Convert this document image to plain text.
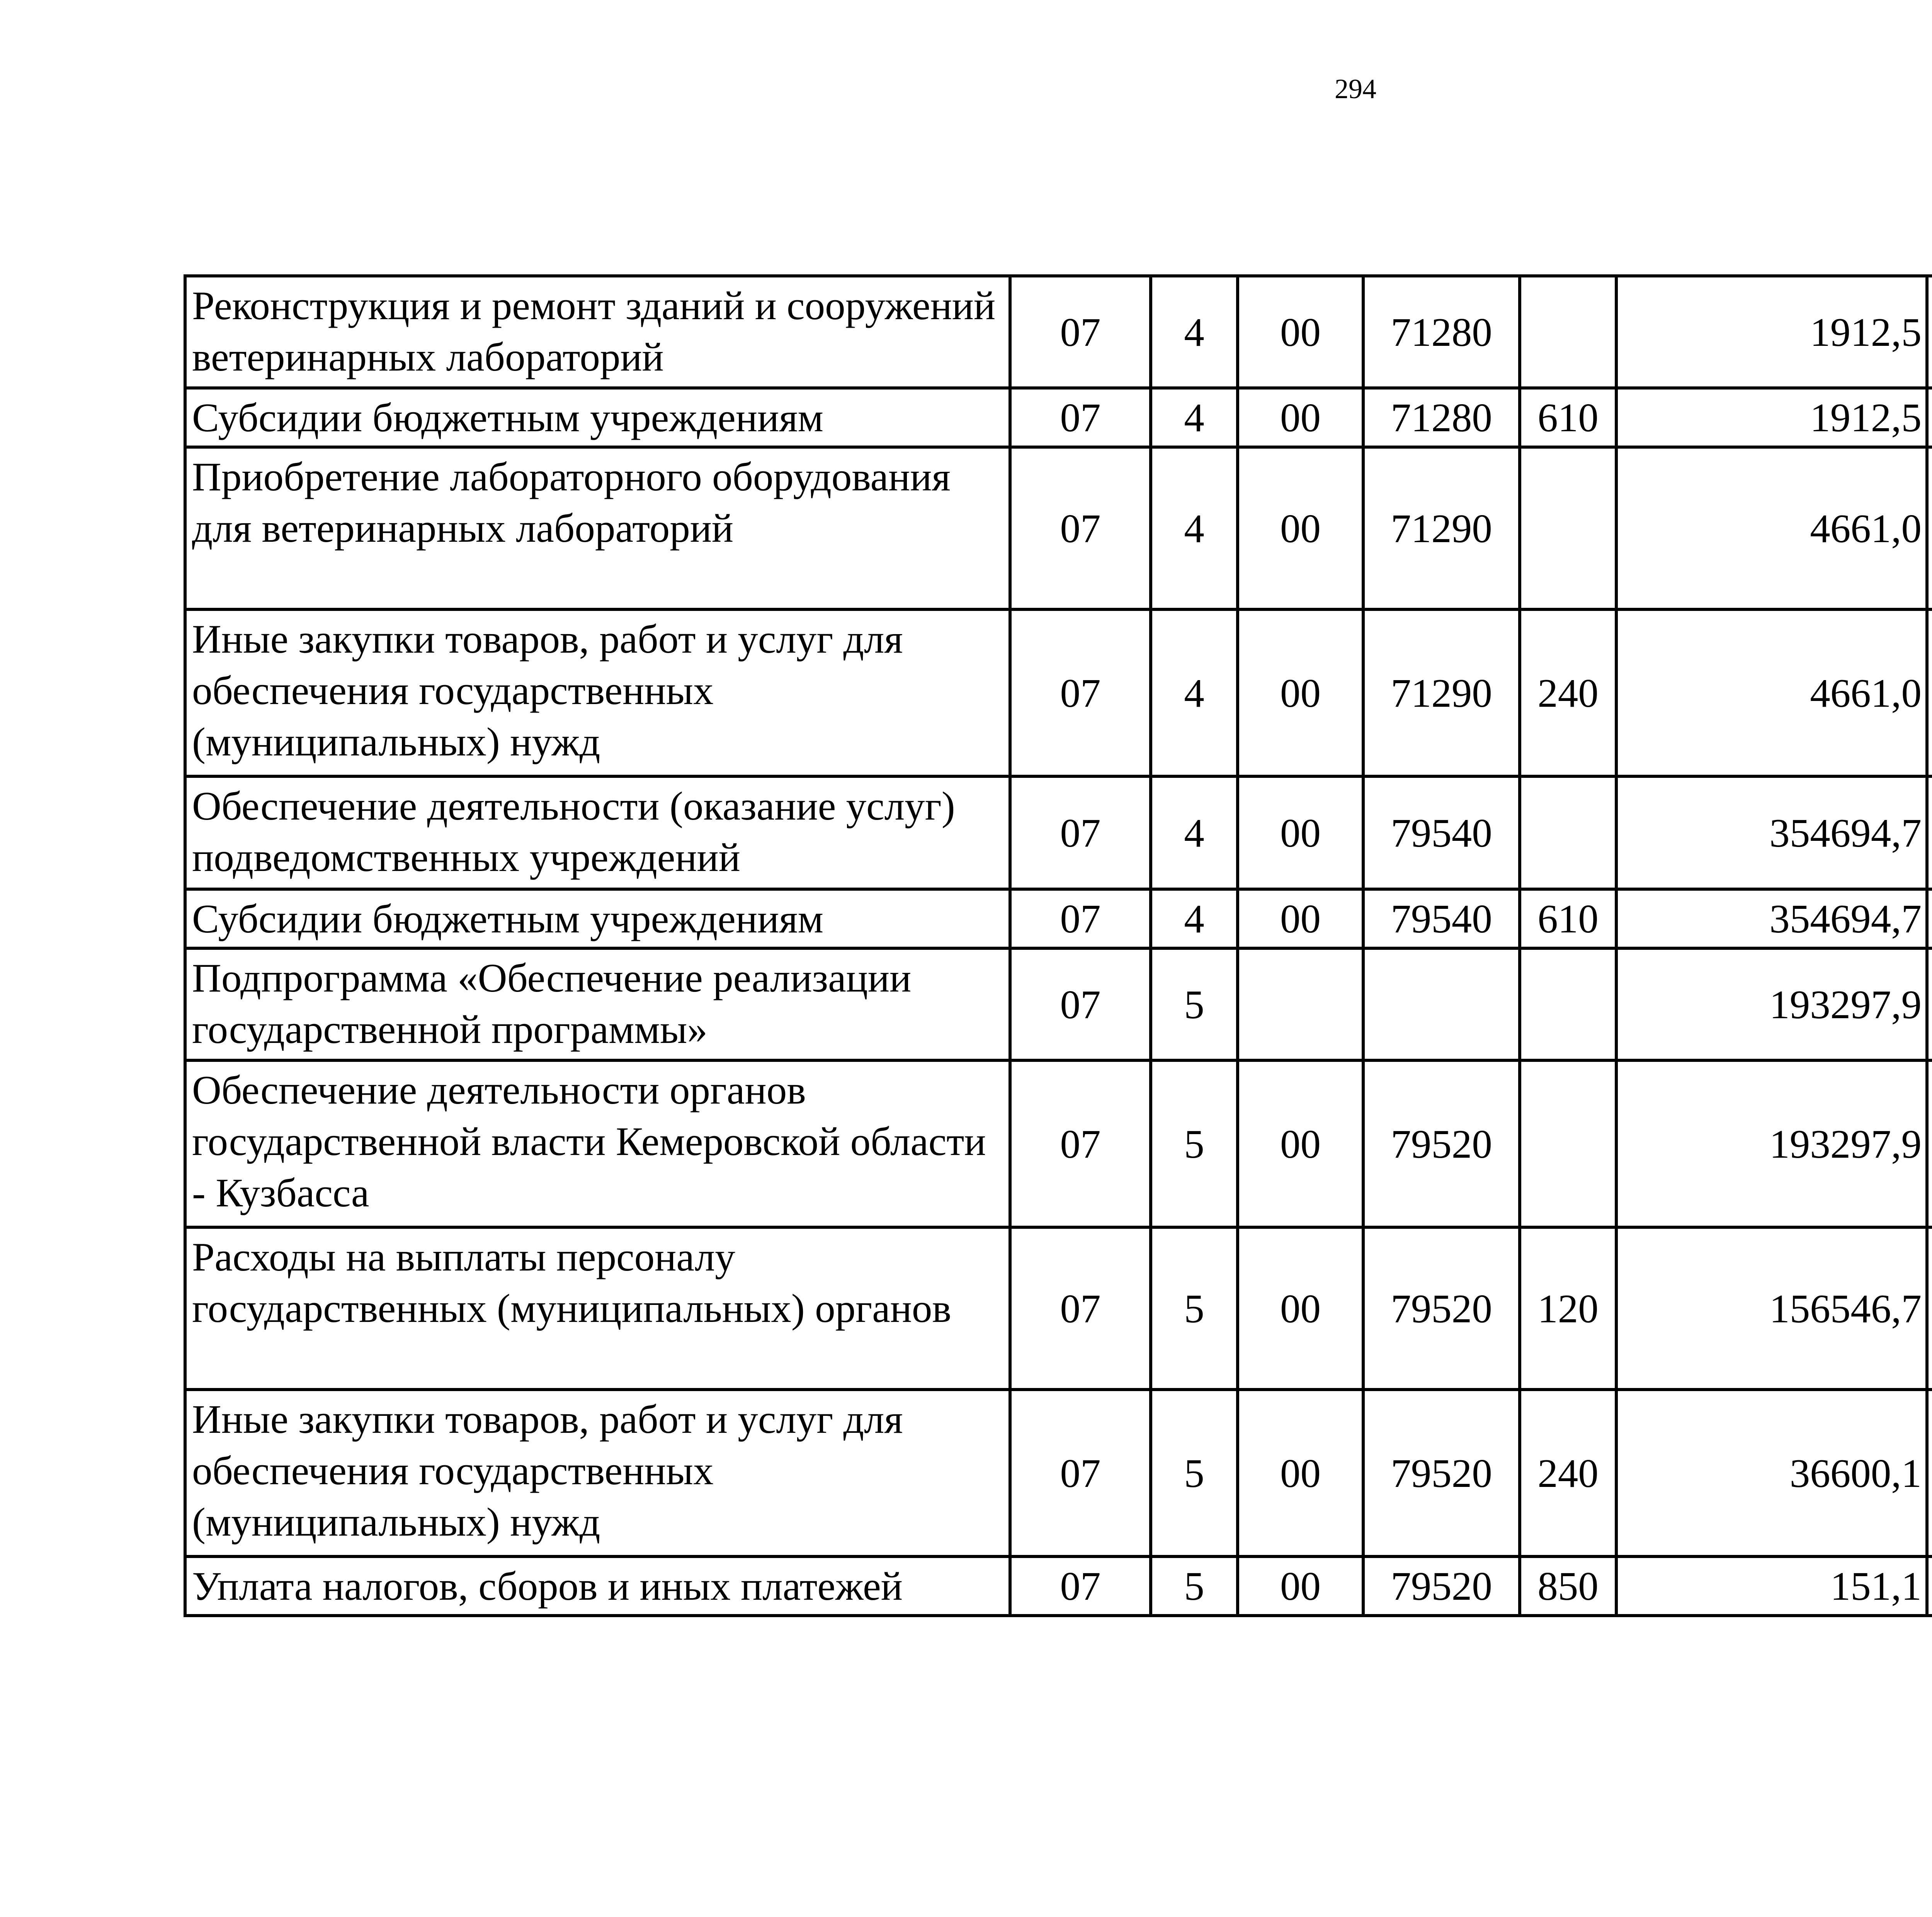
294
Реконструкция и ремонт зданий и сооружений ветеринарных лабораторий	07	4	00	71280		1912,5		
Субсидии бюджетным учреждениям	07	4	00	71280	610	1912,5		
Приобретение лабораторного оборудования для ветеринарных лабораторий	07	4	00	71290		4661,0		
Иные закупки товаров, работ и услуг для обеспечения государственных (муниципальных) нужд	07	4	00	71290	240	4661,0		
Обеспечение деятельности (оказание услуг) подведомственных учреждений	07	4	00	79540		354694,7		
Субсидии бюджетным учреждениям	07	4	00	79540	610	354694,7		
Подпрограмма «Обеспечение реализации государственной программы»	07	5				193297,9		
Обеспечение деятельности органов государственной власти Кемеровской области - Кузбасса	07	5	00	79520		193297,9		
Расходы на выплаты персоналу государственных (муниципальных) органов	07	5	00	79520	120	156546,7		
Иные закупки товаров, работ и услуг для обеспечения государственных (муниципальных) нужд	07	5	00	79520	240	36600,1		
Уплата налогов, сборов и иных платежей	07	5	00	79520	850	151,1		
